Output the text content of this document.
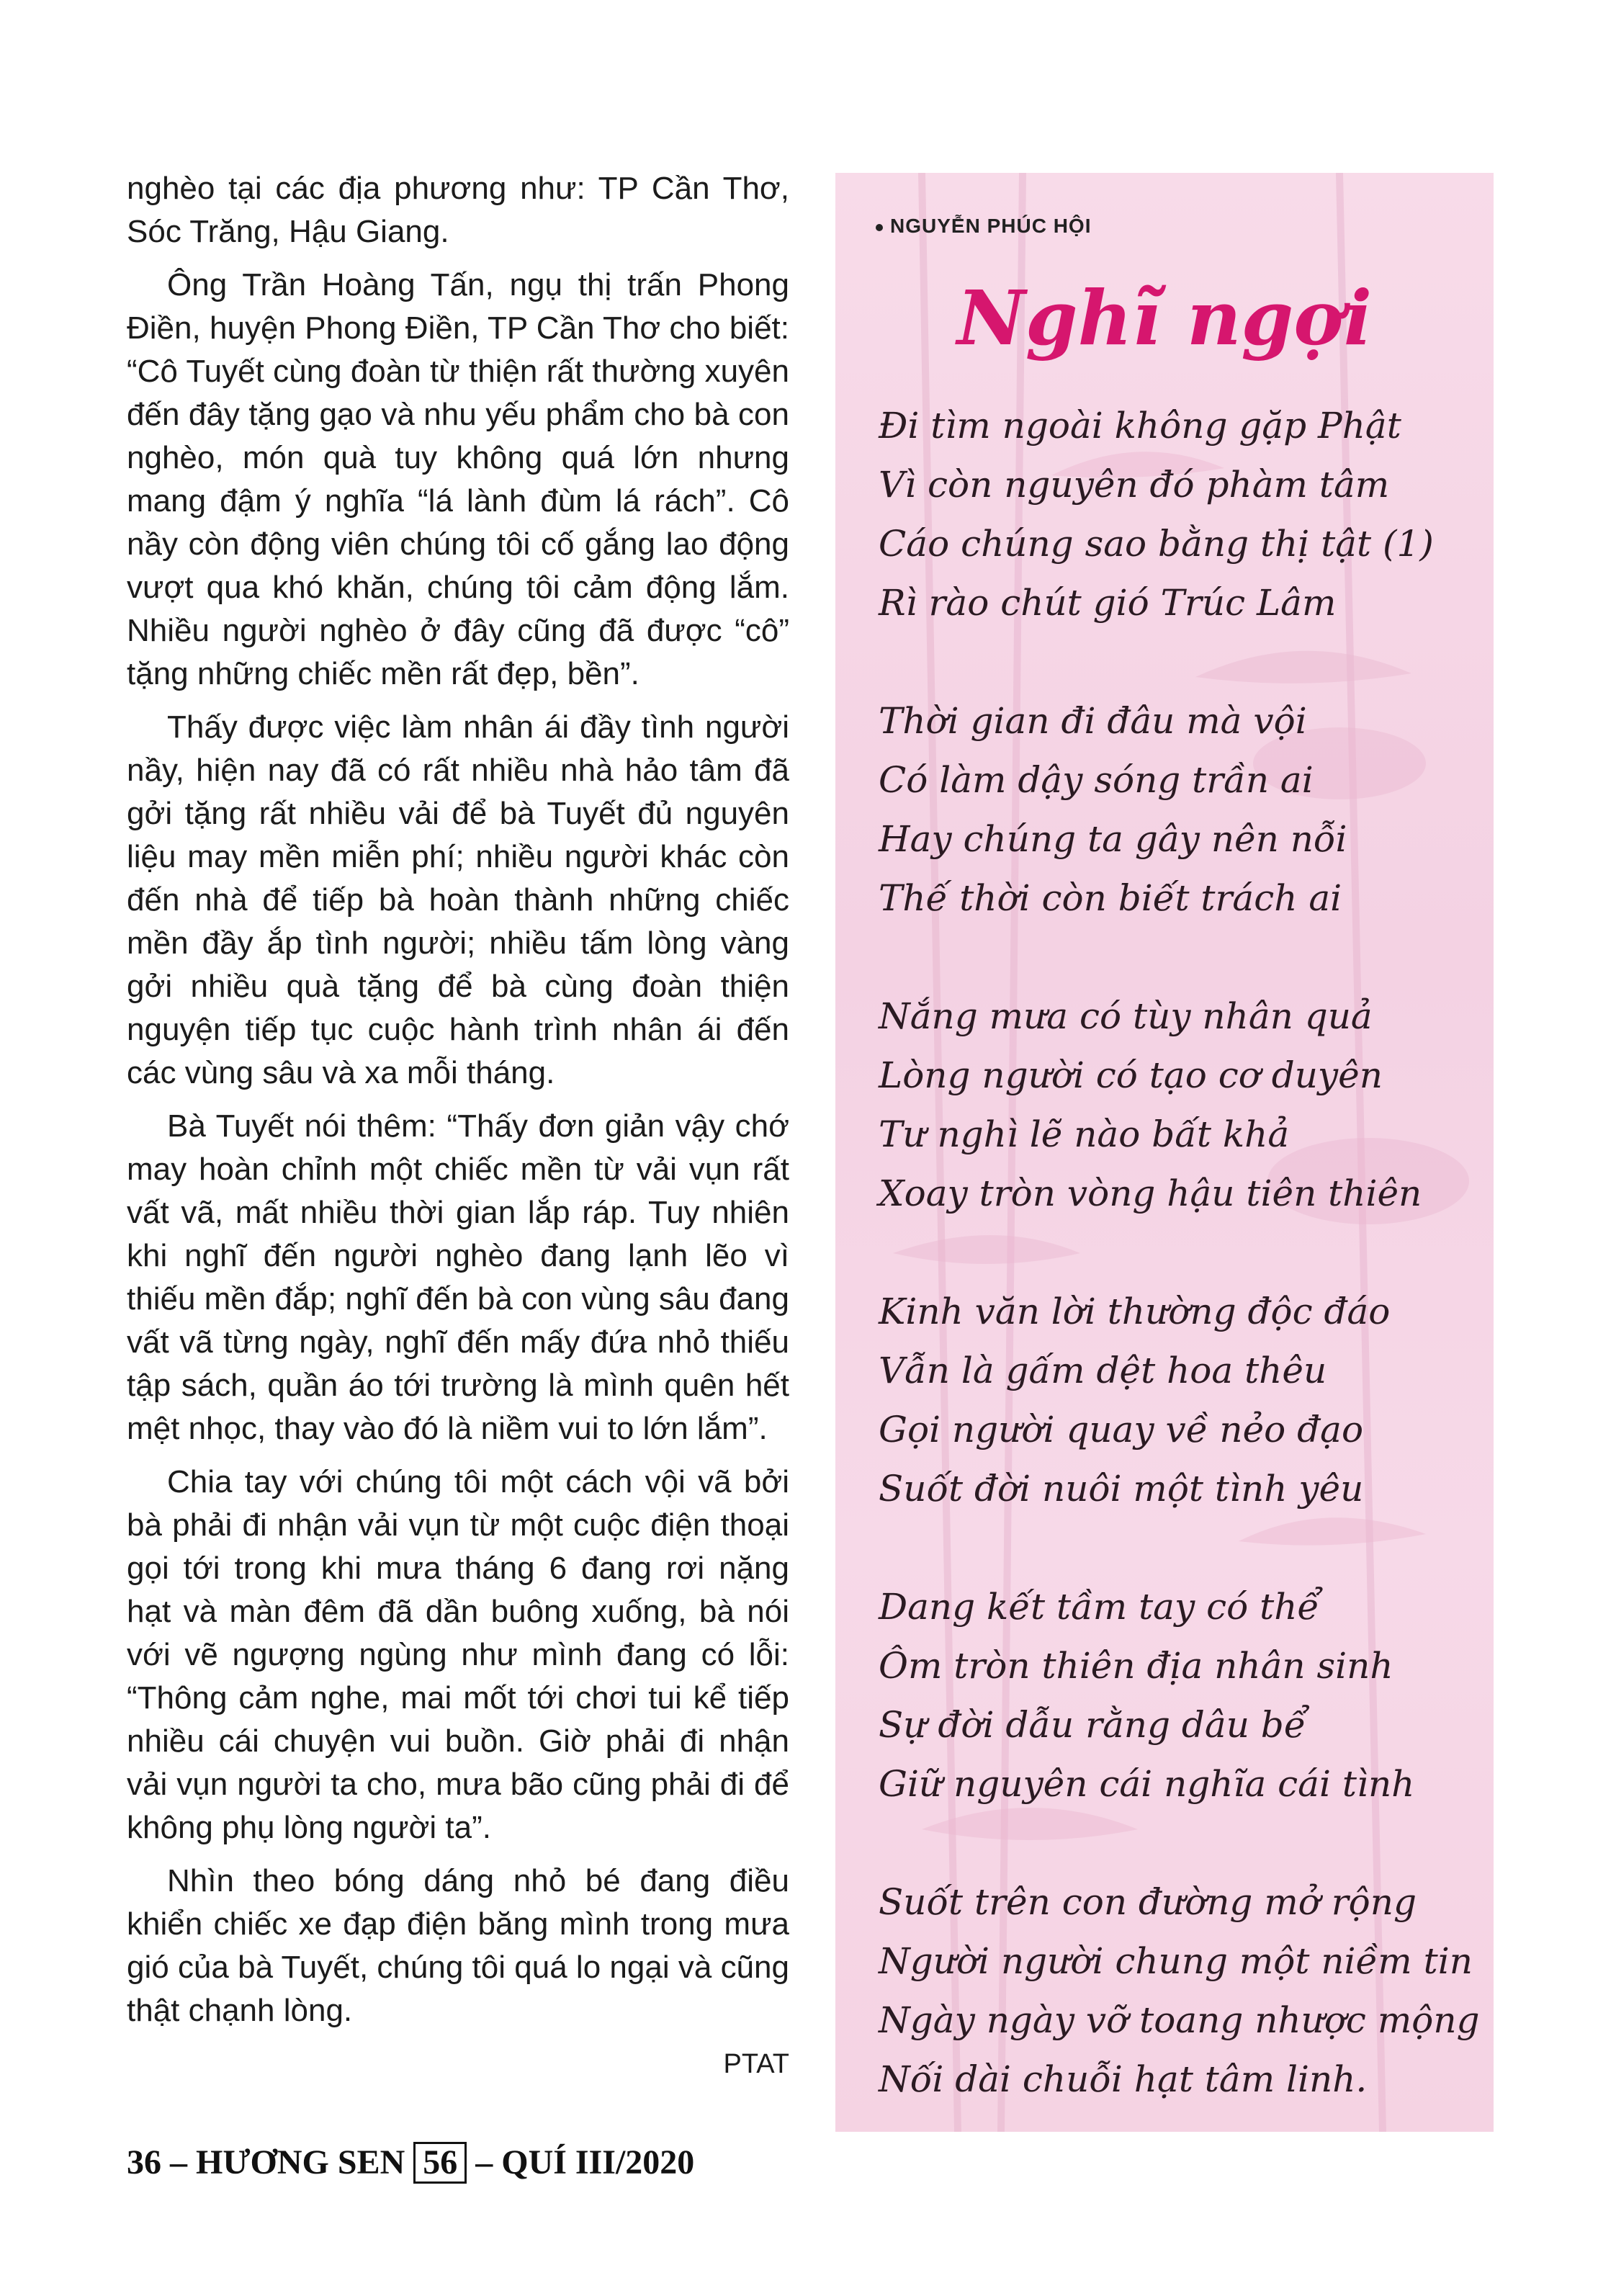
nghèo tại các địa phương như: TP Cần Thơ, Sóc Trăng, Hậu Giang.

Ông Trần Hoàng Tấn, ngụ thị trấn Phong Điền, huyện Phong Điền, TP Cần Thơ cho biết: “Cô Tuyết cùng đoàn từ thiện rất thường xuyên đến đây tặng gạo và nhu yếu phẩm cho bà con nghèo, món quà tuy không quá lớn nhưng mang đậm ý nghĩa “lá lành đùm lá rách”. Cô nầy còn động viên chúng tôi cố gắng lao động vượt qua khó khăn, chúng tôi cảm động lắm. Nhiều người nghèo ở đây cũng đã được “cô” tặng những chiếc mền rất đẹp, bền”.

Thấy được việc làm nhân ái đầy tình người nầy, hiện nay đã có rất nhiều nhà hảo tâm đã gởi tặng rất nhiều vải để bà Tuyết đủ nguyên liệu may mền miễn phí; nhiều người khác còn đến nhà để tiếp bà hoàn thành những chiếc mền đầy ắp tình người; nhiều tấm lòng vàng gởi nhiều quà tặng để bà cùng đoàn thiện nguyện tiếp tục cuộc hành trình nhân ái đến các vùng sâu và xa mỗi tháng.

Bà Tuyết nói thêm: “Thấy đơn giản vậy chớ may hoàn chỉnh một chiếc mền từ vải vụn rất vất vã, mất nhiều thời gian lắp ráp. Tuy nhiên khi nghĩ đến người nghèo đang lạnh lẽo vì thiếu mền đắp; nghĩ đến bà con vùng sâu đang vất vã từng ngày, nghĩ đến mấy đứa nhỏ thiếu tập sách, quần áo tới trường là mình quên hết mệt nhọc, thay vào đó là niềm vui to lớn lắm”.

Chia tay với chúng tôi một cách vội vã bởi bà phải đi nhận vải vụn từ một cuộc điện thoại gọi tới trong khi mưa tháng 6 đang rơi nặng hạt và màn đêm đã dần buông xuống, bà nói với vẽ ngượng ngùng như mình đang có lỗi: “Thông cảm nghe, mai mốt tới chơi tui kể tiếp nhiều cái chuyện vui buồn. Giờ phải đi nhận vải vụn người ta cho, mưa bão cũng phải đi để không phụ lòng người ta”.

Nhìn theo bóng dáng nhỏ bé đang điều khiển chiếc xe đạp điện băng mình trong mưa gió của bà Tuyết, chúng tôi quá lo ngại và cũng thật chạnh lòng.

PTAT
NGUYỄN PHÚC HỘI
Nghĩ ngợi
Đi tìm ngoài không gặp Phật
Vì còn nguyên đó phàm tâm
Cáo chúng sao bằng thị tật (1)
Rì rào chút gió Trúc Lâm
Thời gian đi đâu mà vội
Có làm dậy sóng trần ai
Hay chúng ta gây nên nỗi
Thế thời còn biết trách ai
Nắng mưa có tùy nhân quả
Lòng người có tạo cơ duyên
Tư nghì lẽ nào bất khả
Xoay tròn vòng hậu tiên thiên
Kinh văn lời thường độc đáo
Vẫn là gấm dệt hoa thêu
Gọi người quay về nẻo đạo
Suốt đời nuôi một tình yêu
Dang kết tầm tay có thể
Ôm tròn thiên địa nhân sinh
Sự đời dẫu rằng dâu bể
Giữ nguyên cái nghĩa cái tình
Suốt trên con đường mở rộng
Người người chung một niềm tin
Ngày ngày vỡ toang nhược mộng
Nối dài chuỗi hạt tâm linh.
36 – HƯƠNG SEN 56 – QUÍ III/2020
